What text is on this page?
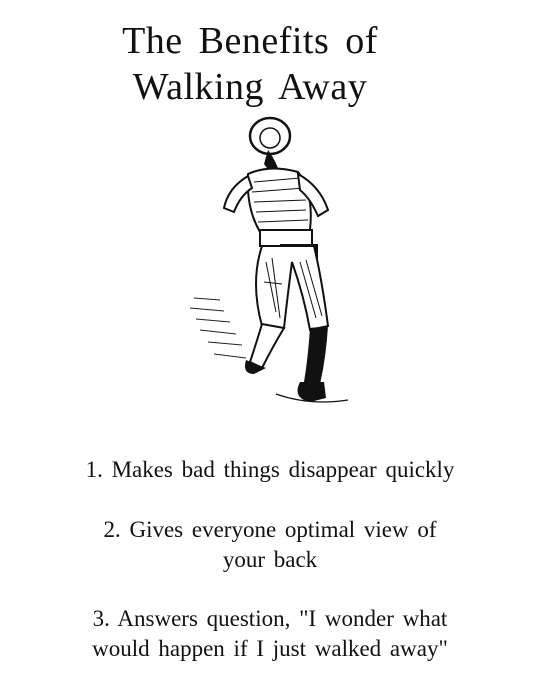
The Benefits of
Walking Away
1. Makes bad things disappear quickly
2. Gives everyone optimal view of
your back
3. Answers question, "I wonder what
would happen if I just walked away"
